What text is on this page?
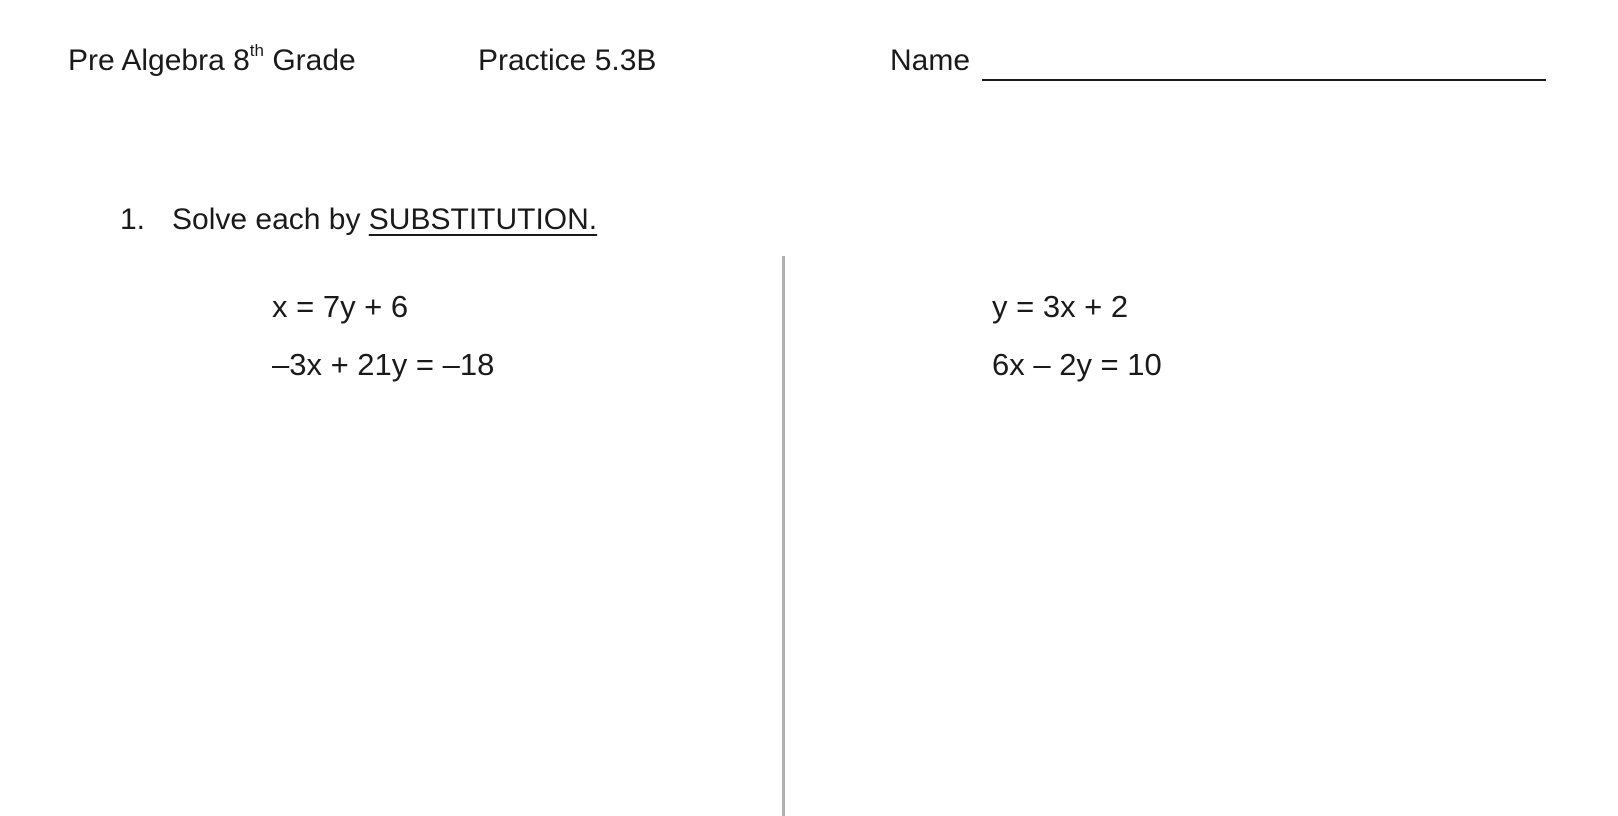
Pre Algebra 8th Grade	Practice 5.3B	Name
1. Solve each by SUBSTITUTION.
x = 7y + 6
–3x + 21y = –18
y = 3x + 2
6x – 2y = 10
